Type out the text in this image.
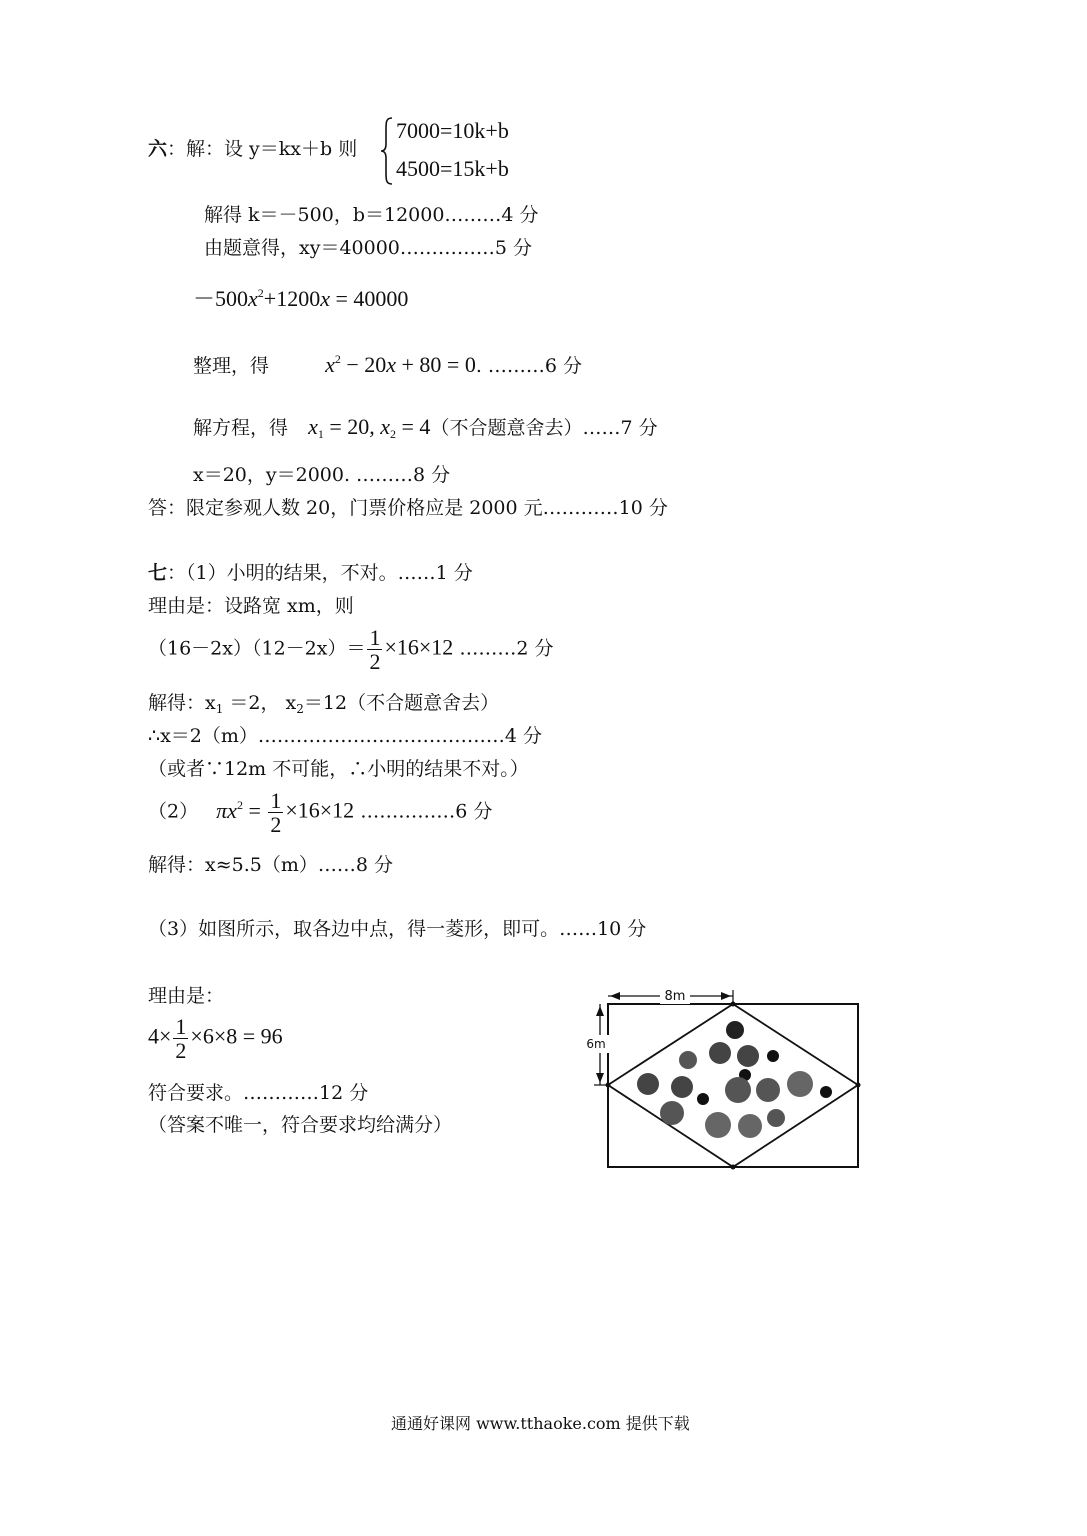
六：解：设 y＝kx＋b 则
7000=10k+b
4500=15k+b
解得 k＝－500，b＝12000………4 分
由题意得，xy＝40000……………5 分
$-500x^2+1200x = 40000$
整理，得	$x^2 - 20x + 80 = 0$. ………6 分
解方程，得 $x_1 = 20$, $x_2 = 4$（不合题意舍去）……7 分
x＝20，y＝2000. ………8 分
答：限定参观人数 20，门票价格应是 2000 元…………10 分
七：（1）小明的结果，不对。……1 分
理由是：设路宽 xm，则
$(16-2x)(12-2x)= \frac{1}{2} \times 16\times 12$ ………2 分
解得：$x_1 =2$， $x_2=12$（不合题意舍去）
∴x＝2（m）…………………………………4 分
（或者∵12m 不可能，∴小明的结果不对。）
（2） $\pi x^2 = \frac{1}{2} \times 16\times 12$ ……………6 分
解得：x≈5.5（m）……8 分
（3）如图所示，取各边中点，得一菱形，即可。……10 分
理由是：
$4\times \frac{1}{2} \times 6\times 8 = 96$
符合要求。…………12 分
（答案不唯一，符合要求均给满分）
8m
6m
通通好课网 www.tthaoke.com 提供下载
